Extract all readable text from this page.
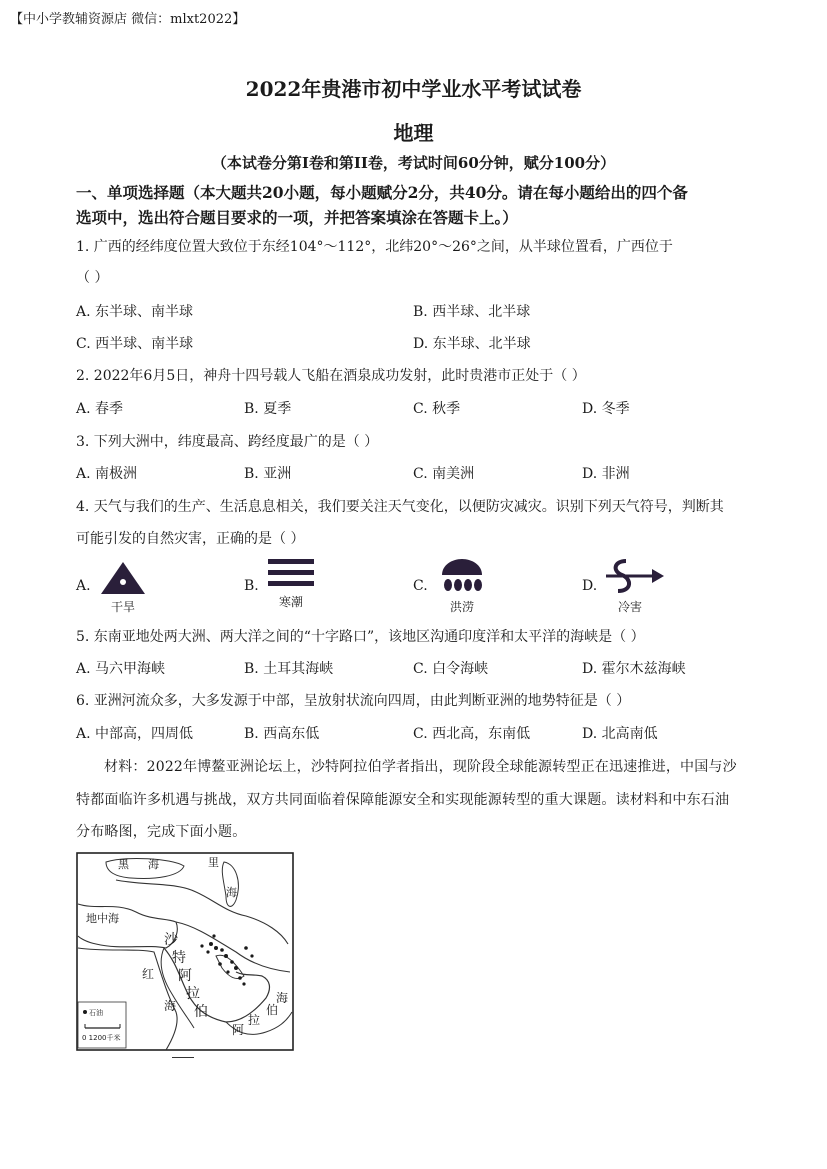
【中小学教辅资源店 微信：mlxt2022】
2022年贵港市初中学业水平考试试卷
地理
（本试卷分第Ⅰ卷和第II卷，考试时间60分钟，赋分100分）
一、单项选择题（本大题共20小题，每小题赋分2分，共40分。请在每小题给出的四个备
选项中，选出符合题目要求的一项，并把答案填涂在答题卡上。）
1. 广西的经纬度位置大致位于东经104°～112°，北纬20°～26°之间，从半球位置看，广西位于
（ ）
A. 东半球、南半球	B. 西半球、北半球
C. 西半球、南半球	D. 东半球、北半球
2. 2022年6月5日，神舟十四号载人飞船在酒泉成功发射，此时贵港市正处于（ ）
A. 春季	B. 夏季	C. 秋季	D. 冬季
3. 下列大洲中，纬度最高、跨经度最广的是（ ）
A. 南极洲	B. 亚洲	C. 南美洲	D. 非洲
4. 天气与我们的生产、生活息息相关，我们要关注天气变化，以便防灾减灾。识别下列天气符号，判断其
可能引发的自然灾害，正确的是（ ）
A.
干旱
B.
寒潮
C.
洪涝
D.
冷害
5. 东南亚地处两大洲、两大洋之间的“十字路口”，该地区沟通印度洋和太平洋的海峡是（ ）
A. 马六甲海峡	B. 土耳其海峡	C. 白令海峡	D. 霍尔木兹海峡
6. 亚洲河流众多，大多发源于中部，呈放射状流向四周，由此判断亚洲的地势特征是（ ）
A. 中部高，四周低	B. 西高东低	C. 西北高，东南低	D. 北高南低
材料：2022年博鳌亚洲论坛上，沙特阿拉伯学者指出，现阶段全球能源转型正在迅速推进，中国与沙
特都面临许多机遇与挑战，双方共同面临着保障能源安全和实现能源转型的重大课题。读材料和中东石油
分布略图，完成下面小题。
黑 海	里
海
地中海
沙
特
阿
拉
伯
红
海
阿
拉
伯
海
石油
0 1200千米
